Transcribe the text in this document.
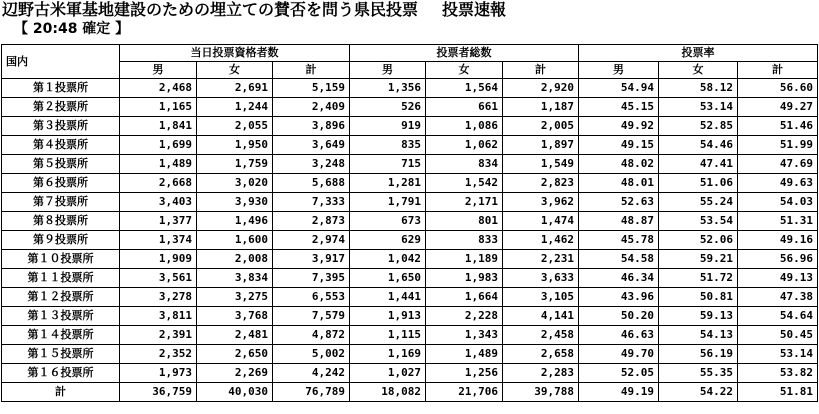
辺野古米軍基地建設のための埋立ての賛否を問う県民投票 投票速報
【 20:48 確定 】
国内	当日投票資格者数			投票者総数			投票率		
	男	女	計	男	女	計	男	女	計
第１投票所	2,468	2,691	5,159	1,356	1,564	2,920	54.94	58.12	56.60
第２投票所	1,165	1,244	2,409	526	661	1,187	45.15	53.14	49.27
第３投票所	1,841	2,055	3,896	919	1,086	2,005	49.92	52.85	51.46
第４投票所	1,699	1,950	3,649	835	1,062	1,897	49.15	54.46	51.99
第５投票所	1,489	1,759	3,248	715	834	1,549	48.02	47.41	47.69
第６投票所	2,668	3,020	5,688	1,281	1,542	2,823	48.01	51.06	49.63
第７投票所	3,403	3,930	7,333	1,791	2,171	3,962	52.63	55.24	54.03
第８投票所	1,377	1,496	2,873	673	801	1,474	48.87	53.54	51.31
第９投票所	1,374	1,600	2,974	629	833	1,462	45.78	52.06	49.16
第１０投票所	1,909	2,008	3,917	1,042	1,189	2,231	54.58	59.21	56.96
第１１投票所	3,561	3,834	7,395	1,650	1,983	3,633	46.34	51.72	49.13
第１２投票所	3,278	3,275	6,553	1,441	1,664	3,105	43.96	50.81	47.38
第１３投票所	3,811	3,768	7,579	1,913	2,228	4,141	50.20	59.13	54.64
第１４投票所	2,391	2,481	4,872	1,115	1,343	2,458	46.63	54.13	50.45
第１５投票所	2,352	2,650	5,002	1,169	1,489	2,658	49.70	56.19	53.14
第１６投票所	1,973	2,269	4,242	1,027	1,256	2,283	52.05	55.35	53.82
計	36,759	40,030	76,789	18,082	21,706	39,788	49.19	54.22	51.81
